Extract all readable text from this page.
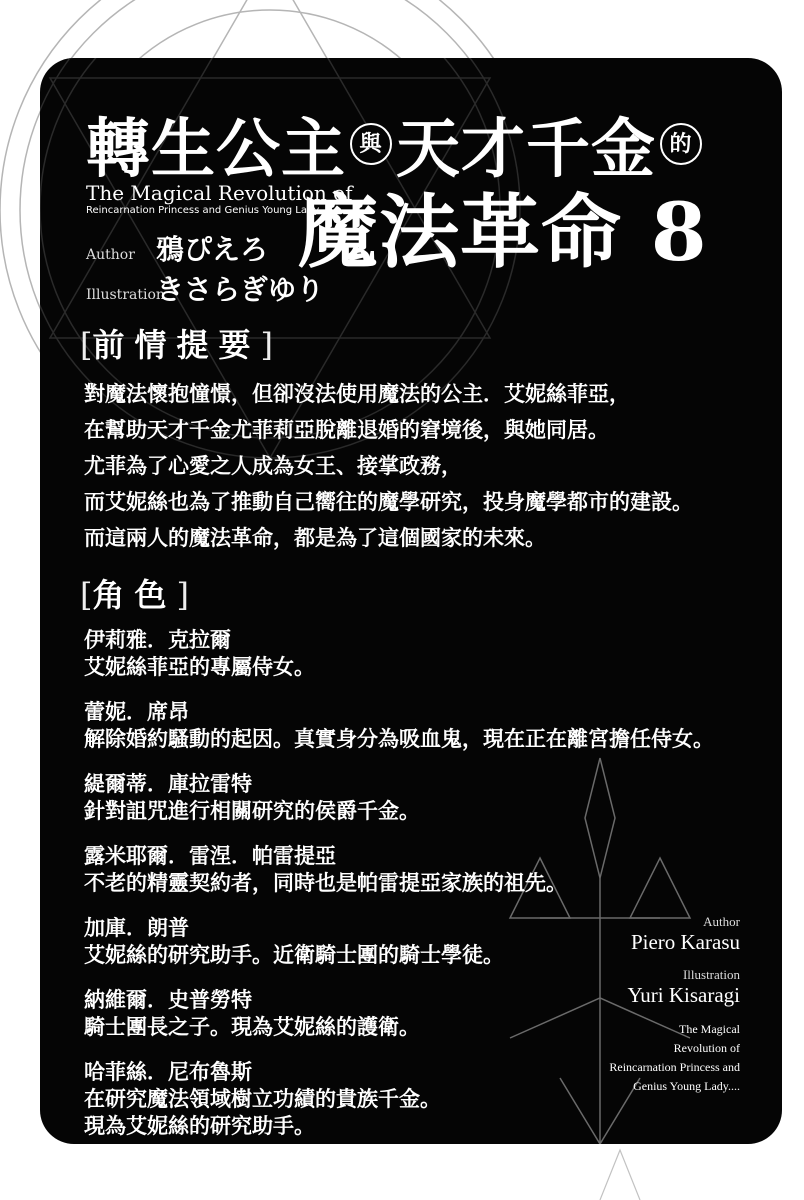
轉生公主 與 天才千金 的
The Magical Revolution of
Reincarnation Princess and Genius Young Lady....
魔法革命 8
Author 鴉ぴえろ
Illustration
きさらぎゆり
[前情提要]
對魔法懷抱憧憬，但卻沒法使用魔法的公主．艾妮絲菲亞，
在幫助天才千金尤菲莉亞脫離退婚的窘境後，與她同居。
尤菲為了心愛之人成為女王、接掌政務，
而艾妮絲也為了推動自己嚮往的魔學研究，投身魔學都市的建設。
而這兩人的魔法革命，都是為了這個國家的未來。
[角色]
伊莉雅．克拉爾
艾妮絲菲亞的專屬侍女。
蕾妮．席昂
解除婚約騷動的起因。真實身分為吸血鬼，現在正在離宮擔任侍女。
緹爾蒂．庫拉雷特
針對詛咒進行相關研究的侯爵千金。
露米耶爾．雷涅．帕雷提亞
不老的精靈契約者，同時也是帕雷提亞家族的祖先。
加庫．朗普
艾妮絲的研究助手。近衛騎士團的騎士學徒。
納維爾．史普勞特
騎士團長之子。現為艾妮絲的護衛。
哈菲絲．尼布魯斯
在研究魔法領域樹立功績的貴族千金。
現為艾妮絲的研究助手。
Author
Piero Karasu
Illustration
Yuri Kisaragi
The Magical
Revolution of
Reincarnation Princess and
Genius Young Lady....
